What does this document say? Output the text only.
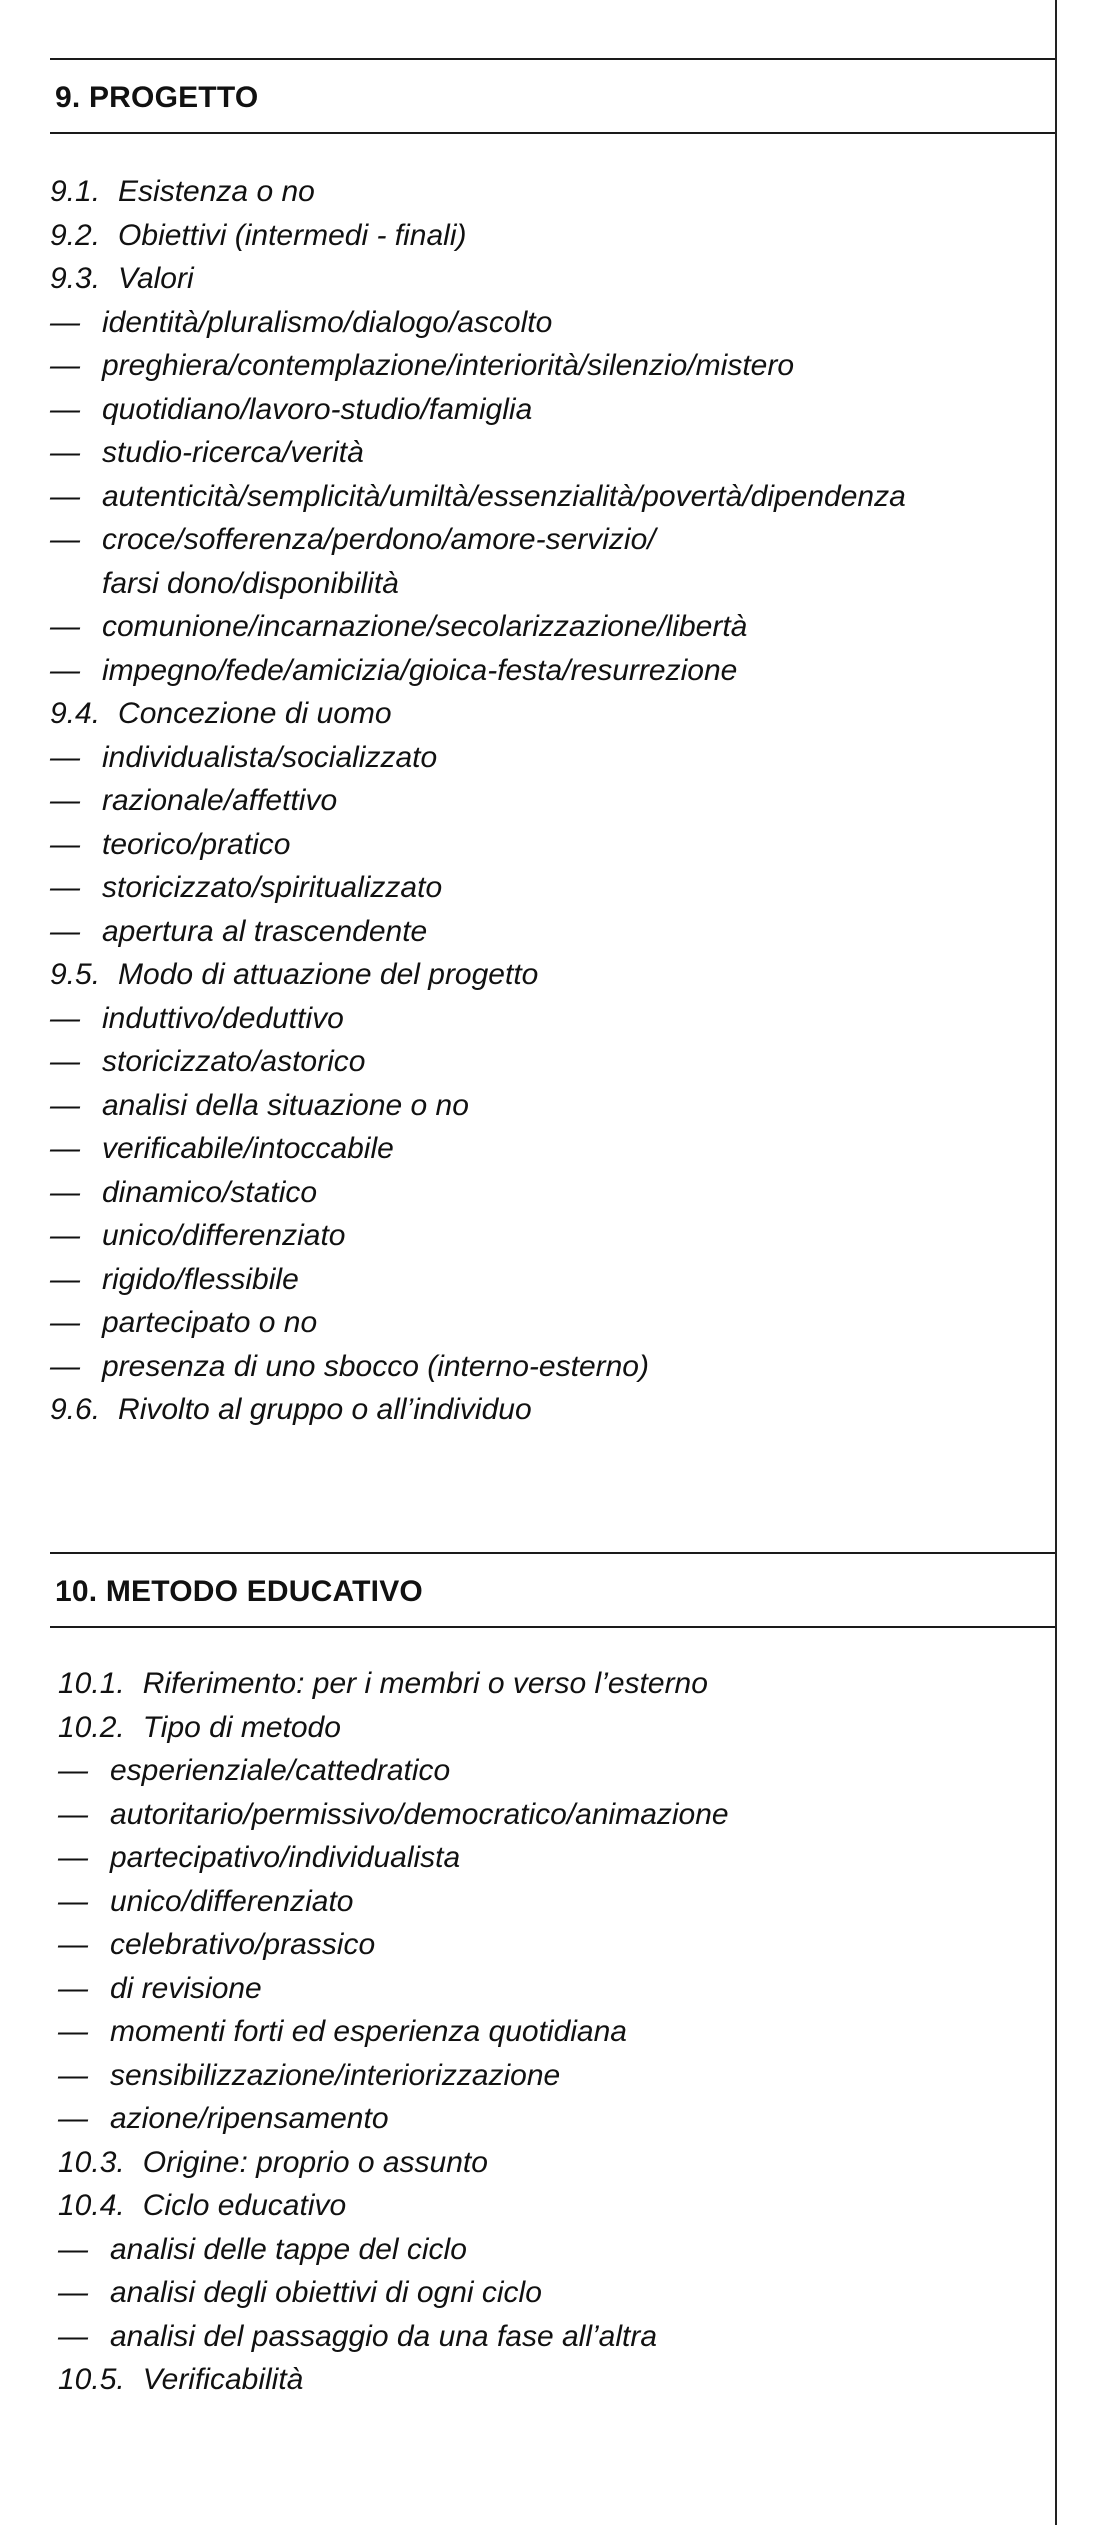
9. PROGETTO
9.1. Esistenza o no
9.2. Obiettivi (intermedi - finali)
9.3. Valori
— identità/pluralismo/dialogo/ascolto
— preghiera/contemplazione/interiorità/silenzio/mistero
— quotidiano/lavoro-studio/famiglia
— studio-ricerca/verità
— autenticità/semplicità/umiltà/essenzialità/povertà/dipendenza
— croce/sofferenza/perdono/amore-servizio/
farsi dono/disponibilità
— comunione/incarnazione/secolarizzazione/libertà
— impegno/fede/amicizia/gioica-festa/resurrezione
9.4. Concezione di uomo
— individualista/socializzato
— razionale/affettivo
— teorico/pratico
— storicizzato/spiritualizzato
— apertura al trascendente
9.5. Modo di attuazione del progetto
— induttivo/deduttivo
— storicizzato/astorico
— analisi della situazione o no
— verificabile/intoccabile
— dinamico/statico
— unico/differenziato
— rigido/flessibile
— partecipato o no
— presenza di uno sbocco (interno-esterno)
9.6. Rivolto al gruppo o all’individuo
10. METODO EDUCATIVO
10.1. Riferimento: per i membri o verso l’esterno
10.2. Tipo di metodo
— esperienziale/cattedratico
— autoritario/permissivo/democratico/animazione
— partecipativo/individualista
— unico/differenziato
— celebrativo/prassico
— di revisione
— momenti forti ed esperienza quotidiana
— sensibilizzazione/interiorizzazione
— azione/ripensamento
10.3. Origine: proprio o assunto
10.4. Ciclo educativo
— analisi delle tappe del ciclo
— analisi degli obiettivi di ogni ciclo
— analisi del passaggio da una fase all’altra
10.5. Verificabilità
